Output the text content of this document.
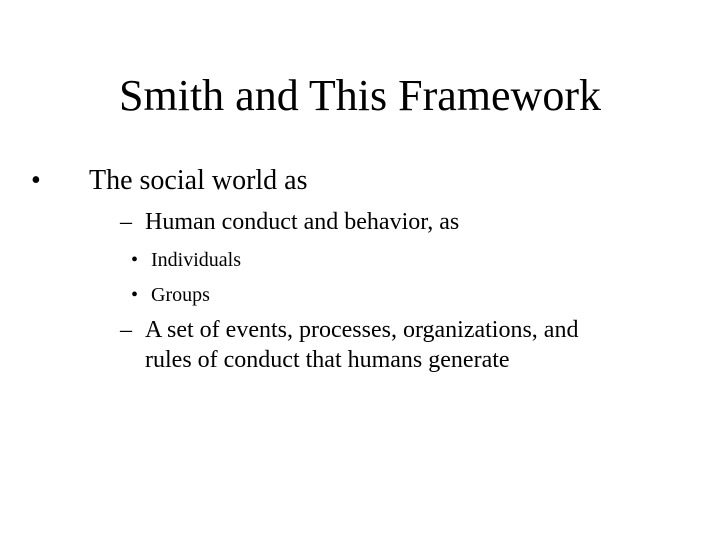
Smith and This Framework
• The social world as
– Human conduct and behavior, as
• Individuals
• Groups
– A set of events, processes, organizations, and
rules of conduct that humans generate
